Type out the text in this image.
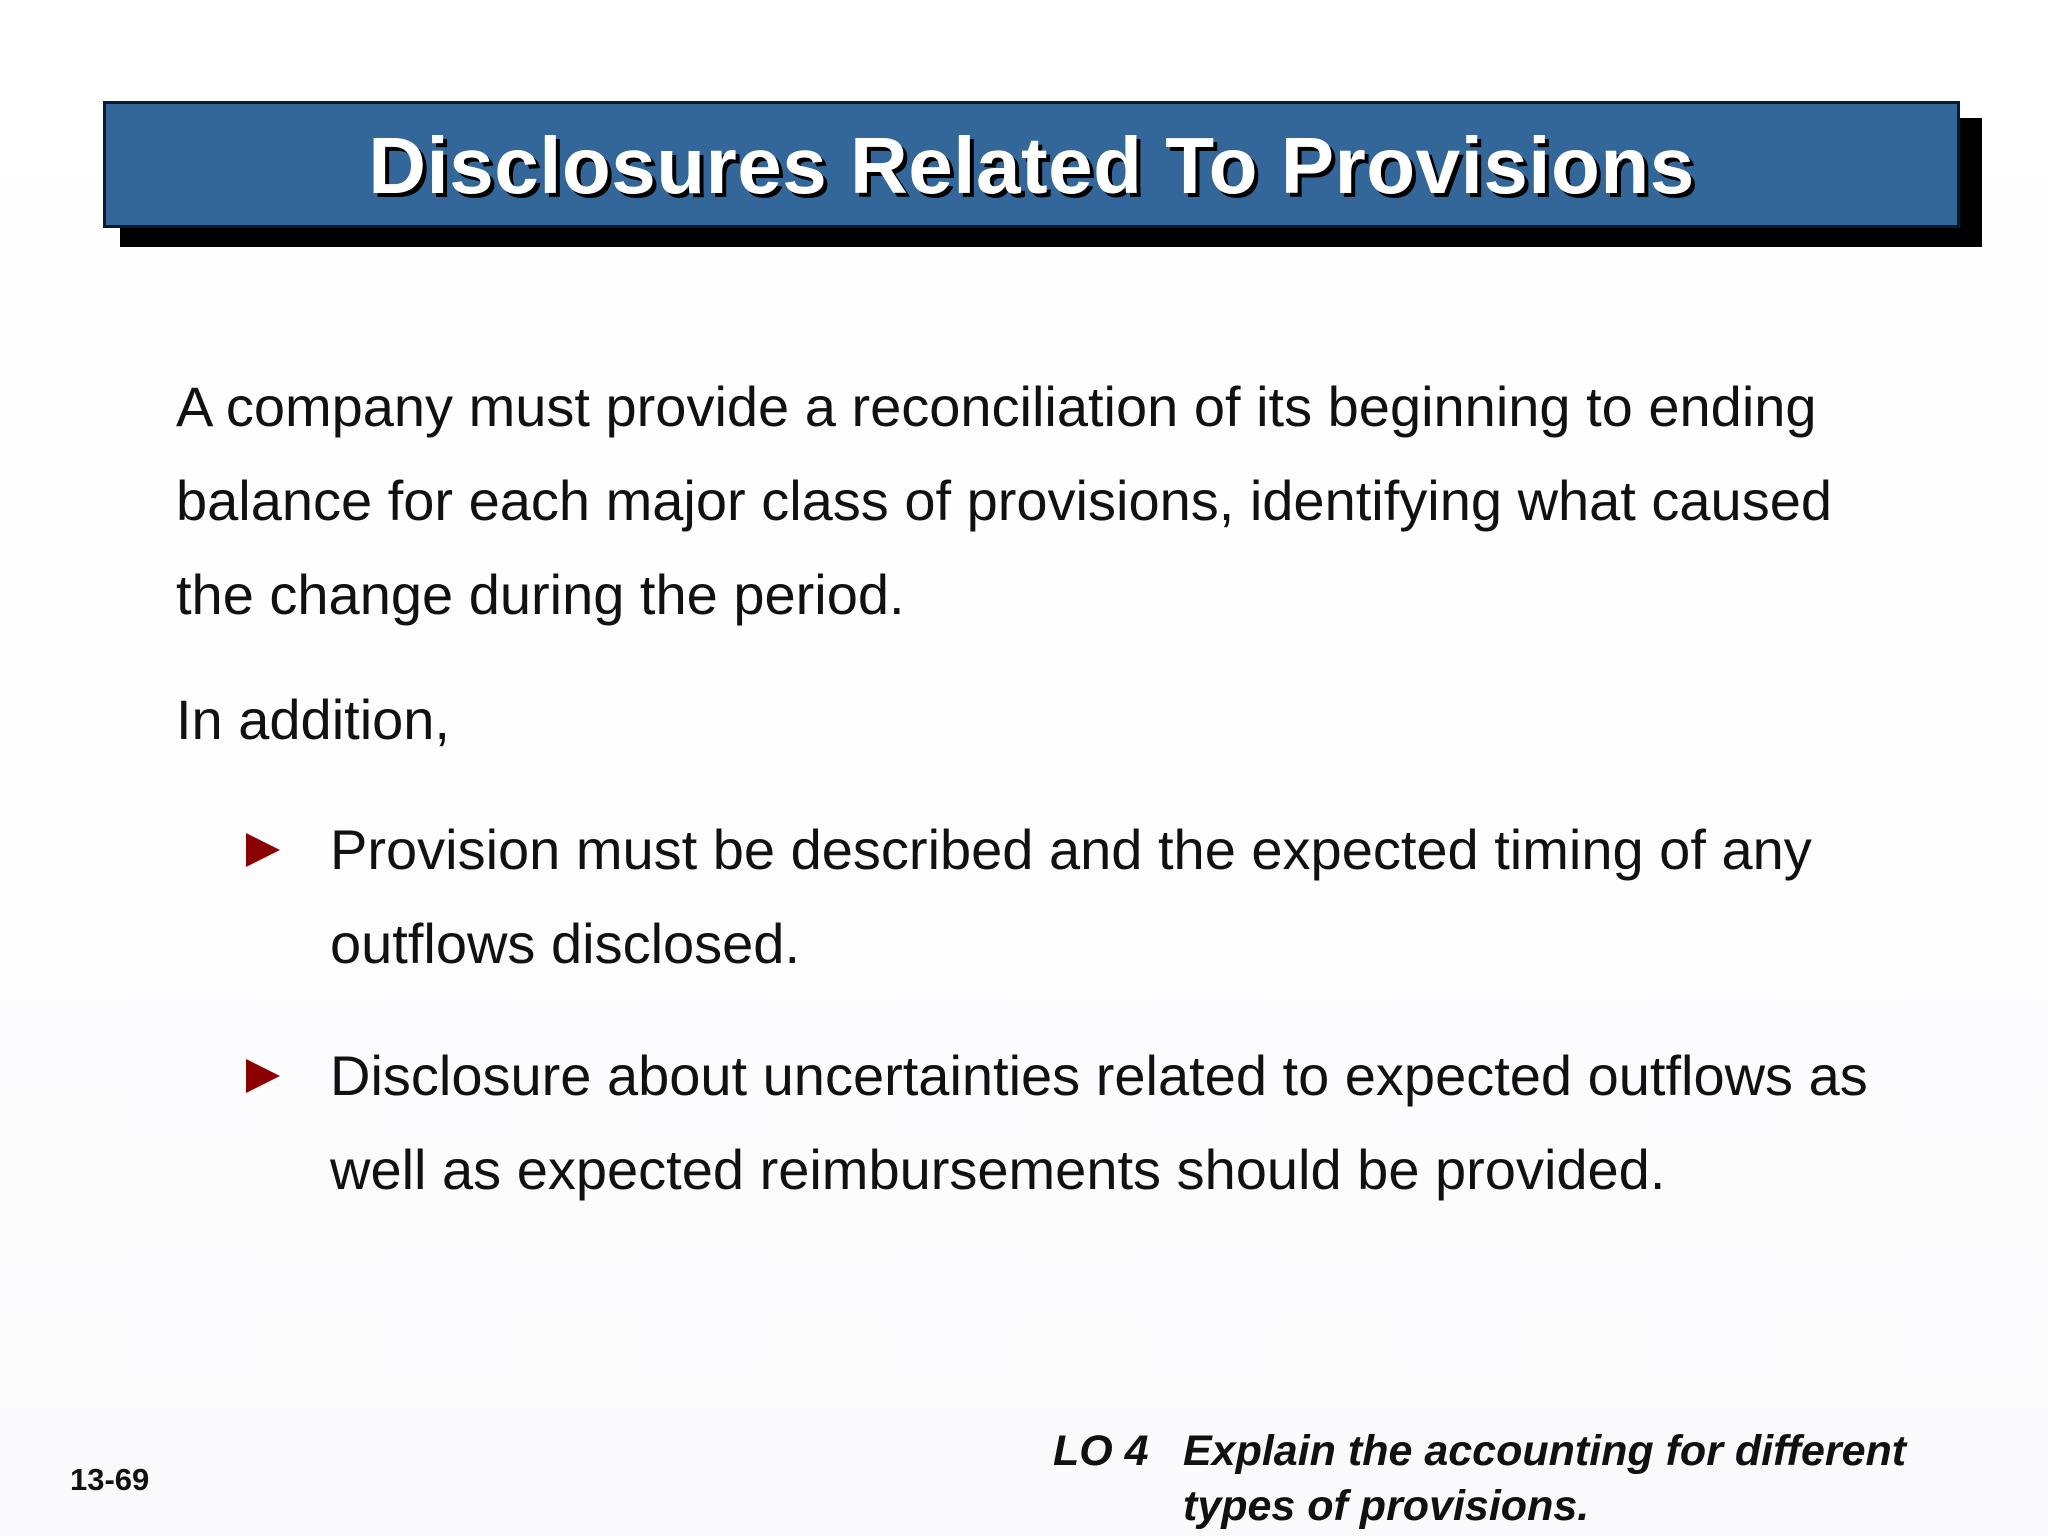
Disclosures Related To Provisions
A company must provide a reconciliation of its beginning to ending balance for each major class of provisions, identifying what caused the change during the period.
In addition,
Provision must be described and the expected timing of any outflows disclosed.
Disclosure about uncertainties related to expected outflows as well as expected reimbursements should be provided.
13-69
LO 4 Explain the accounting for different
types of provisions.
